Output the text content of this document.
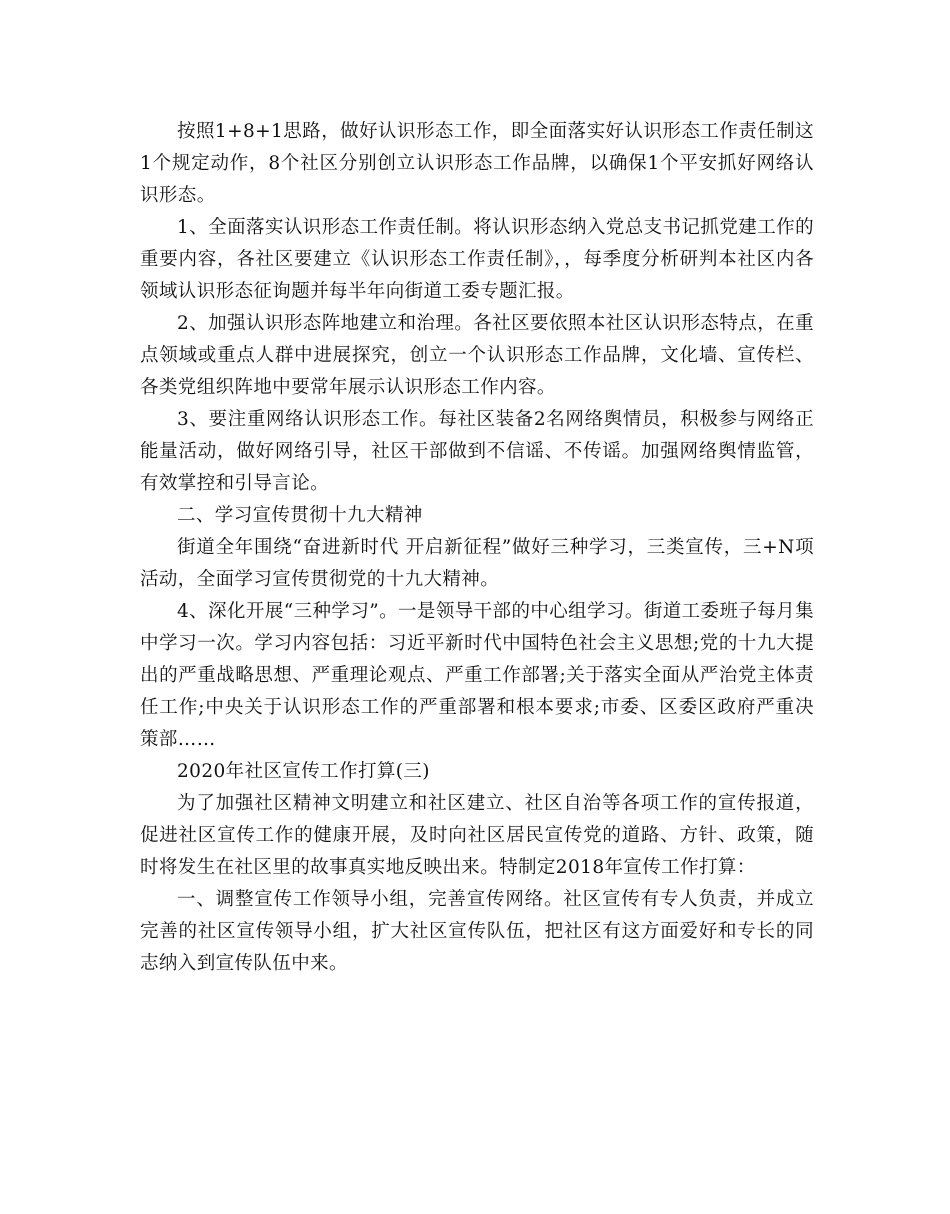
按照1+8+1思路，做好认识形态工作，即全面落实好认识形态工作责任制这1个规定动作，8个社区分别创立认识形态工作品牌，以确保1个平安抓好网络认识形态。

1、全面落实认识形态工作责任制。将认识形态纳入党总支书记抓党建工作的重要内容，各社区要建立《认识形态工作责任制》，，每季度分析研判本社区内各领域认识形态征询题并每半年向街道工委专题汇报。

2、加强认识形态阵地建立和治理。各社区要依照本社区认识形态特点，在重点领域或重点人群中进展探究，创立一个认识形态工作品牌，文化墙、宣传栏、各类党组织阵地中要常年展示认识形态工作内容。

3、要注重网络认识形态工作。每社区装备2名网络舆情员，积极参与网络正能量活动，做好网络引导，社区干部做到不信谣、不传谣。加强网络舆情监管，有效掌控和引导言论。

二、学习宣传贯彻十九大精神

街道全年围绕“奋进新时代 开启新征程”做好三种学习，三类宣传，三+N项活动，全面学习宣传贯彻党的十九大精神。

4、深化开展“三种学习”。一是领导干部的中心组学习。街道工委班子每月集中学习一次。学习内容包括：习近平新时代中国特色社会主义思想;党的十九大提出的严重战略思想、严重理论观点、严重工作部署;关于落实全面从严治党主体责任工作;中央关于认识形态工作的严重部署和根本要求;市委、区委区政府严重决策部……

2020年社区宣传工作打算(三)

为了加强社区精神文明建立和社区建立、社区自治等各项工作的宣传报道，促进社区宣传工作的健康开展，及时向社区居民宣传党的道路、方针、政策，随时将发生在社区里的故事真实地反映出来。特制定2018年宣传工作打算：

一、调整宣传工作领导小组，完善宣传网络。社区宣传有专人负责，并成立完善的社区宣传领导小组，扩大社区宣传队伍，把社区有这方面爱好和专长的同志纳入到宣传队伍中来。
